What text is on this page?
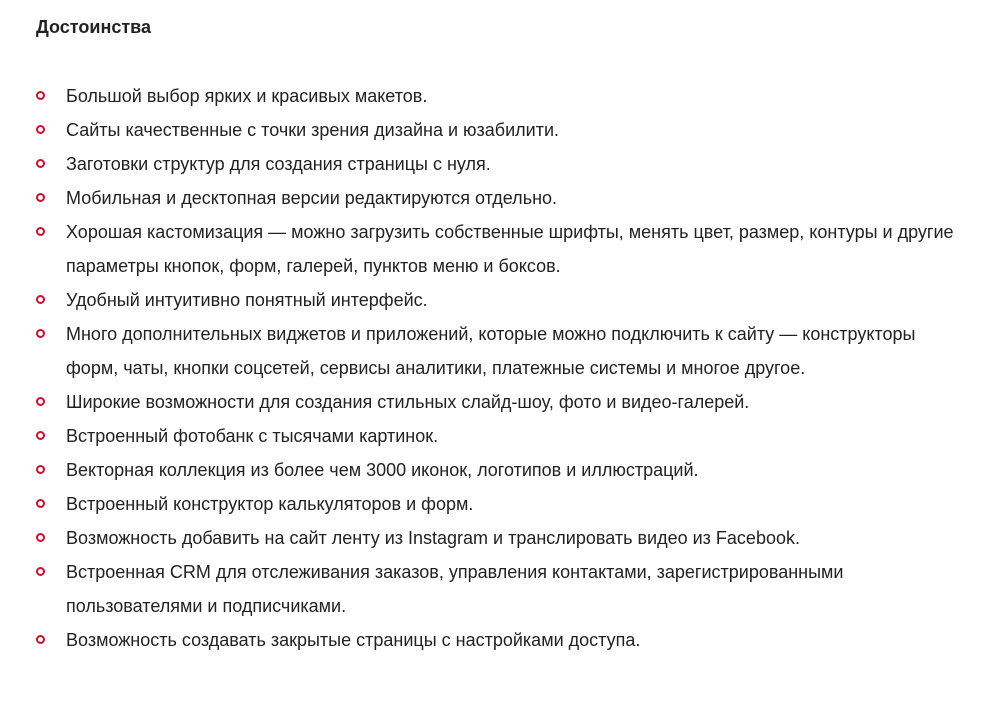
Достоинства
Большой выбор ярких и красивых макетов.
Сайты качественные с точки зрения дизайна и юзабилити.
Заготовки структур для создания страницы с нуля.
Мобильная и десктопная версии редактируются отдельно.
Хорошая кастомизация — можно загрузить собственные шрифты, менять цвет, размер, контуры и другие параметры кнопок, форм, галерей, пунктов меню и боксов.
Удобный интуитивно понятный интерфейс.
Много дополнительных виджетов и приложений, которые можно подключить к сайту — конструкторы форм, чаты, кнопки соцсетей, сервисы аналитики, платежные системы и многое другое.
Широкие возможности для создания стильных слайд-шоу, фото и видео-галерей.
Встроенный фотобанк с тысячами картинок.
Векторная коллекция из более чем 3000 иконок, логотипов и иллюстраций.
Встроенный конструктор калькуляторов и форм.
Возможность добавить на сайт ленту из Instagram и транслировать видео из Facebook.
Встроенная CRM для отслеживания заказов, управления контактами, зарегистрированными пользователями и подписчиками.
Возможность создавать закрытые страницы с настройками доступа.
